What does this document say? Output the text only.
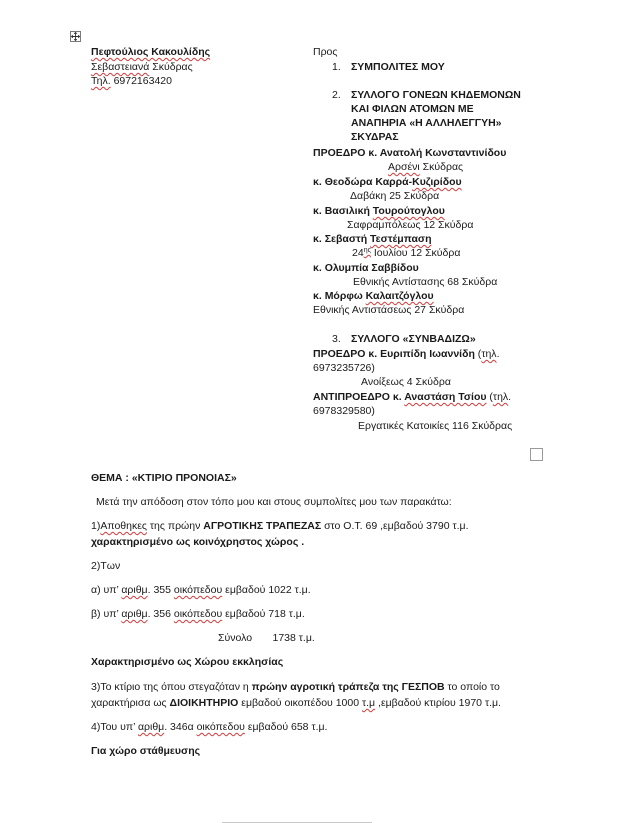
Πεφτούλιος Κακουλίδης
Σεβαστειανά Σκύδρας
Τηλ. 6972163420
Προς
1. ΣΥΜΠΟΛΙΤΕΣ ΜΟΥ
2. ΣΥΛΛΟΓΟ ΓΟΝΕΩΝ ΚΗΔΕΜΟΝΩΝ
ΚΑΙ ΦΙΛΩΝ ΑΤΟΜΩΝ ΜΕ
ΑΝΑΠΗΡΙΑ «Η ΑΛΛΗΛΕΓΓΥΗ»
ΣΚΥΔΡΑΣ
ΠΡΟΕΔΡΟ κ. Ανατολή Κωνσταντινίδου
Αρσένι Σκύδρας
κ. Θεοδώρα Καρρά-Κυζιρίδου
Δαβάκη 25 Σκύδρα
κ. Βασιλική Τουρούτογλου
Σαφραμπόλεως 12 Σκύδρα
κ. Σεβαστή Τεστέμπαση
$24^{\eta\varsigma}$ Ιουλίου 12 Σκύδρα
κ. Ολυμπία Σαββίδου
Εθνικής Αντίστασης 68 Σκύδρα
κ. Μόρφω Καλαιτζόγλου
Εθνικής Αντιστάσεως 27 Σκύδρα
3. ΣΥΛΛΟΓΟ «ΣΥΝΒΑΔΙΖΩ»
ΠΡΟΕΔΡΟ κ. Ευριπίδη Ιωαννίδη (τηλ.
6973235726)
Ανοίξεως 4 Σκύδρα
ΑΝΤΙΠΡΟΕΔΡΟ κ. Αναστάση Τσίου (τηλ.
6978329580)
Εργατικές Κατοικίες 116 Σκύδρας
ΘΕΜΑ : «ΚΤΙΡΙΟ ΠΡΟΝΟΙΑΣ»
Μετά την απόδοση στον τόπο μου και στους συμπολίτες μου των παρακάτω:
1)Αποθηκες της πρώην ΑΓΡΟΤΙΚΗΣ ΤΡΑΠΕΖΑΣ στο Ο.Τ. 69 ,εμβαδού 3790 τ.μ.
χαρακτηρισμένο ως κοινόχρηστος χώρος .
2)Των
α) υπ’ αριθμ. 355 οικόπεδου εμβαδού 1022 τ.μ.
β) υπ’ αριθμ. 356 οικόπεδου εμβαδού 718 τ.μ.
Σύνολο       1738 τ.μ.
Χαρακτηρισμένο ως Χώρου εκκλησίας
3)Το κτίριο της όπου στεγαζόταν η πρώην αγροτική τράπεζα της ΓΕΣΠΟΒ το οποίο το
χαρακτήρισα ως ΔΙΟΙΚΗΤΗΡΙΟ εμβαδού οικοπέδου 1000 τ.μ ,εμβαδού κτιρίου 1970 τ.μ.
4)Του υπ’ αριθμ. 346α οικόπεδου εμβαδού 658 τ.μ.
Για χώρο στάθμευσης
